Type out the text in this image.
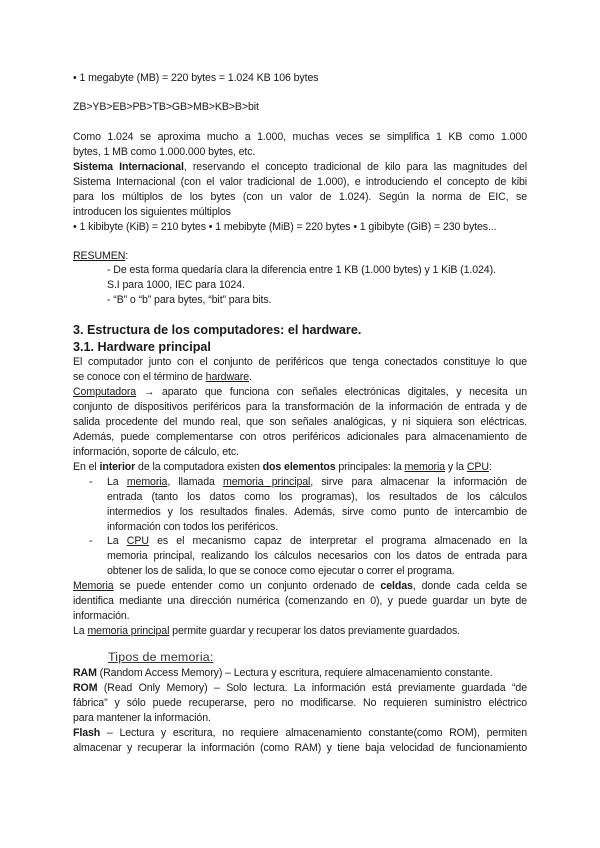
• 1 megabyte (MB) = 220 bytes = 1.024 KB 106 bytes
ZB>YB>EB>PB>TB>GB>MB>KB>B>bit
Como 1.024 se aproxima mucho a 1.000, muchas veces se simplifica 1 KB como 1.000
bytes, 1 MB como 1.000.000 bytes, etc.
Sistema Internacional, reservando el concepto tradicional de kilo para las magnitudes del
Sistema Internacional (con el valor tradicional de 1.000), e introduciendo el concepto de kibi
para los múltiplos de los bytes (con un valor de 1.024). Según la norma de EIC, se
introducen los siguientes múltiplos
• 1 kibibyte (KiB) = 210 bytes • 1 mebibyte (MiB) = 220 bytes • 1 gibibyte (GiB) = 230 bytes...
RESUMEN:
- De esta forma quedaría clara la diferencia entre 1 KB (1.000 bytes) y 1 KiB (1.024).
S.I para 1000, IEC para 1024.
- “B” o “b” para bytes, “bit” para bits.
3. Estructura de los computadores: el hardware.
3.1. Hardware principal
El computador junto con el conjunto de periféricos que tenga conectados constituye lo que
se conoce con el término de hardware.
Computadora → aparato que funciona con señales electrónicas digitales, y necesita un
conjunto de dispositivos periféricos para la transformación de la información de entrada y de
salida procedente del mundo real, que son señales analógicas, y ni siquiera son eléctricas.
Además, puede complementarse con otros periféricos adicionales para almacenamiento de
información, soporte de cálculo, etc.
En el interior de la computadora existen dos elementos principales: la memoria y la CPU:
- La memoria, llamada memoria principal, sirve para almacenar la información de
entrada (tanto los datos como los programas), los resultados de los cálculos
intermedios y los resultados finales. Además, sirve como punto de intercambio de
información con todos los periféricos.
- La CPU es el mecanismo capaz de interpretar el programa almacenado en la
memoria principal, realizando los cálculos necesarios con los datos de entrada para
obtener los de salida, lo que se conoce como ejecutar o correr el programa.
Memoria se puede entender como un conjunto ordenado de celdas, donde cada celda se
identifica mediante una dirección numérica (comenzando en 0), y puede guardar un byte de
información.
La memoria principal permite guardar y recuperar los datos previamente guardados.
Tipos de memoria:
RAM (Random Access Memory) – Lectura y escritura, requiere almacenamiento constante.
ROM (Read Only Memory) – Solo lectura. La información está previamente guardada “de
fábrica” y sólo puede recuperarse, pero no modificarse. No requieren suministro eléctrico
para mantener la información.
Flash – Lectura y escritura, no requiere almacenamiento constante(como ROM), permiten
almacenar y recuperar la información (como RAM) y tiene baja velocidad de funcionamiento
